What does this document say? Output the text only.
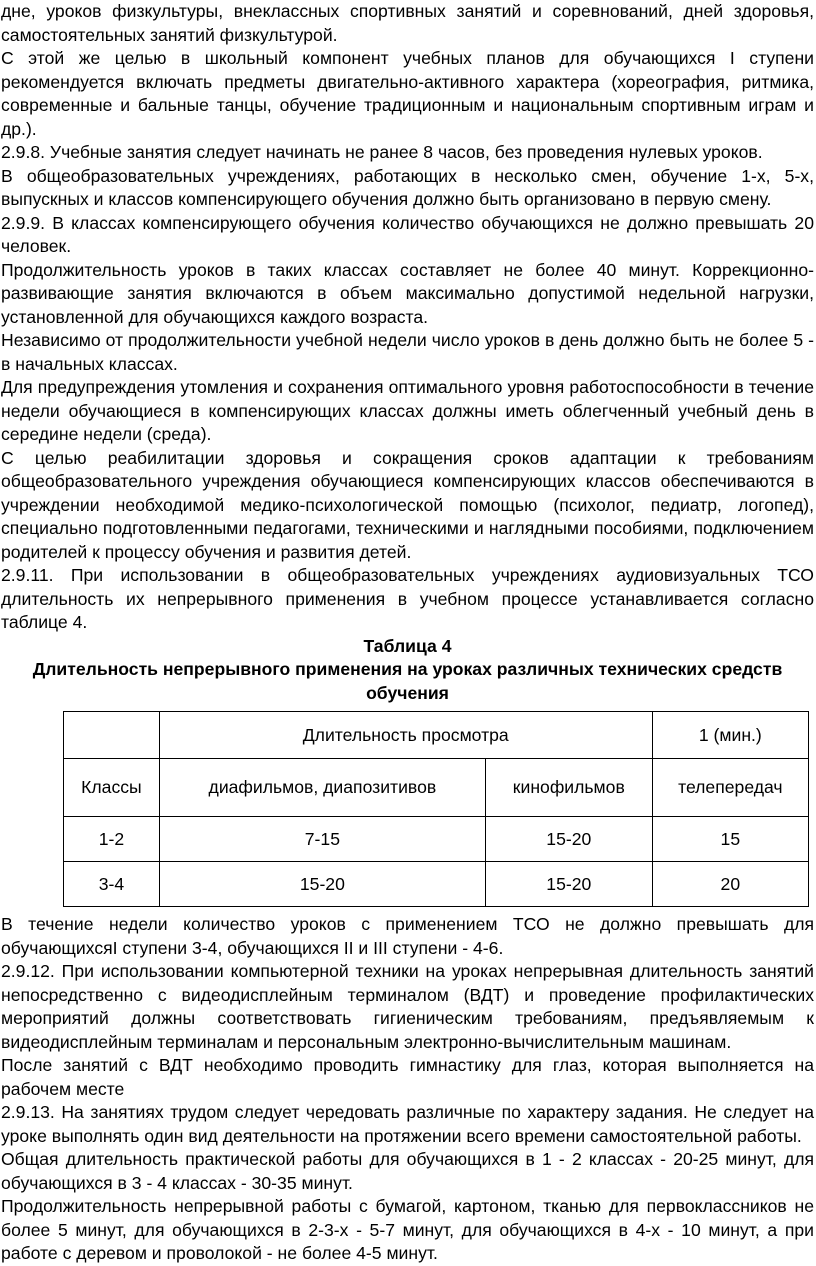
дне, уроков физкультуры, внеклассных спортивных занятий и соревнований, дней здоровья, самостоятельных занятий физкультурой.

С этой же целью в школьный компонент учебных планов для обучающихся I ступени рекомендуется включать предметы двигательно-активного характера (хореография, ритмика, современные и бальные танцы, обучение традиционным и национальным спортивным играм и др.).

2.9.8. Учебные занятия следует начинать не ранее 8 часов, без проведения нулевых уроков.

В общеобразовательных учреждениях, работающих в несколько смен, обучение 1-х, 5-х, выпускных и классов компенсирующего обучения должно быть организовано в первую смену.

2.9.9. В классах компенсирующего обучения количество обучающихся не должно превышать 20 человек.

Продолжительность уроков в таких классах составляет не более 40 минут. Коррекционно-развивающие занятия включаются в объем максимально допустимой недельной нагрузки, установленной для обучающихся каждого возраста.

Независимо от продолжительности учебной недели число уроков в день должно быть не более 5 - в начальных классах.

Для предупреждения утомления и сохранения оптимального уровня работоспособности в течение недели обучающиеся в компенсирующих классах должны иметь облегченный учебный день в середине недели (среда).

С целью реабилитации здоровья и сокращения сроков адаптации к требованиям общеобразовательного учреждения обучающиеся компенсирующих классов обеспечиваются в учреждении необходимой медико-психологической помощью (психолог, педиатр, логопед), специально подготовленными педагогами, техническими и наглядными пособиями, подключением родителей к процессу обучения и развития детей.

2.9.11. При использовании в общеобразовательных учреждениях аудиовизуальных ТСО длительность их непрерывного применения в учебном процессе устанавливается согласно таблице 4.

Таблица 4

Длительность непрерывного применения на уроках различных технических средств обучения

	Длительность просмотра		1 (мин.)
Классы	диафильмов, диапозитивов	кинофильмов	телепередач
1-2	7-15	15-20	15
3-4	15-20	15-20	20

В течение недели количество уроков с применением ТСО не должно превышать для обучающихсяI ступени 3-4, обучающихся II и III ступени - 4-6.

2.9.12. При использовании компьютерной техники на уроках непрерывная длительность занятий непосредственно с видеодисплейным терминалом (ВДТ) и проведение профилактических мероприятий должны соответствовать гигиеническим требованиям, предъявляемым к видеодисплейным терминалам и персональным электронно-вычислительным машинам.

После занятий с ВДТ необходимо проводить гимнастику для глаз, которая выполняется на рабочем месте

2.9.13. На занятиях трудом следует чередовать различные по характеру задания. Не следует на уроке выполнять один вид деятельности на протяжении всего времени самостоятельной работы.

Общая длительность практической работы для обучающихся в 1 - 2 классах - 20-25 минут, для обучающихся в 3 - 4 классах - 30-35 минут.

Продолжительность непрерывной работы с бумагой, картоном, тканью для первоклассников не более 5 минут, для обучающихся в 2-3-х - 5-7 минут, для обучающихся в 4-х - 10 минут, а при работе с деревом и проволокой - не более 4-5 минут.
